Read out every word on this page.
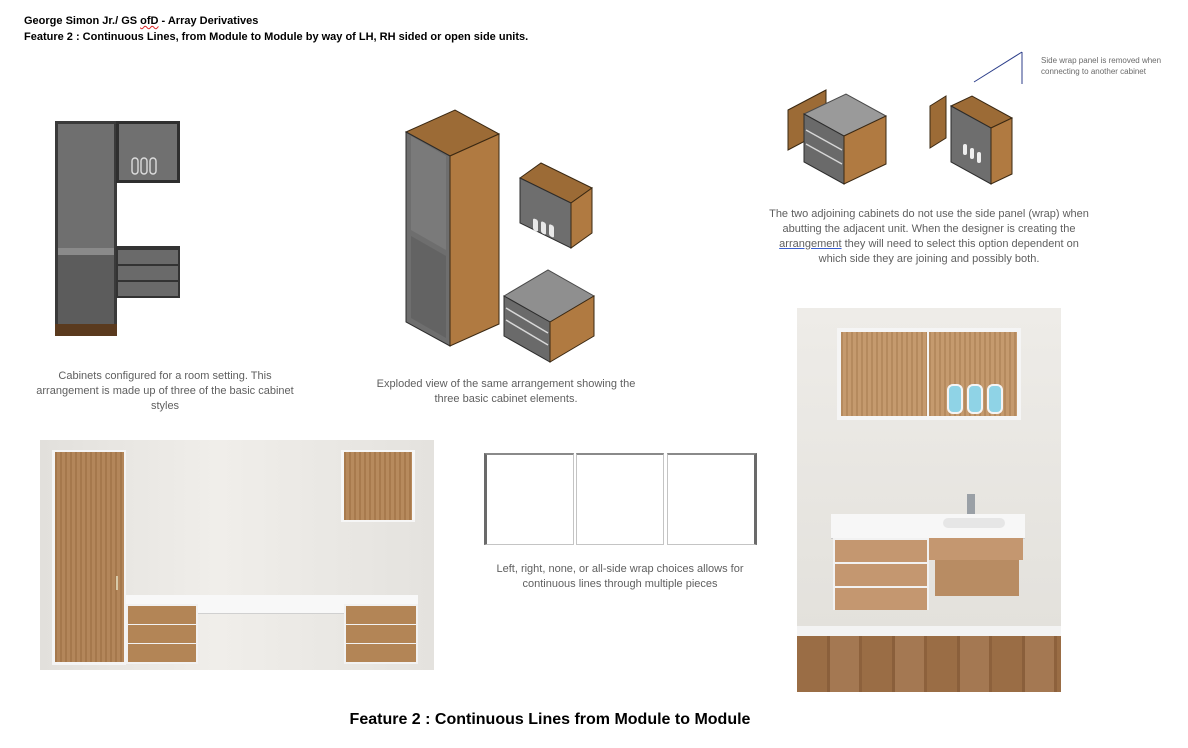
George Simon Jr./ GS ofD - Array Derivatives
Feature 2 : Continuous Lines, from Module to Module by way of LH, RH sided or open side units.
Cabinets configured for a room setting. This arrangement is made up of three of the basic cabinet styles
Exploded view of the same arrangement showing the three basic cabinet elements.
Side wrap panel is removed when connecting to another cabinet
The two adjoining cabinets do not use the side panel (wrap) when abutting the adjacent unit. When the designer is creating the arrangement they will need to select this option dependent on which side they are joining and possibly both.
Left, right, none, or all-side wrap choices allows for continuous lines through multiple pieces
Feature 2 : Continuous Lines from Module to Module
